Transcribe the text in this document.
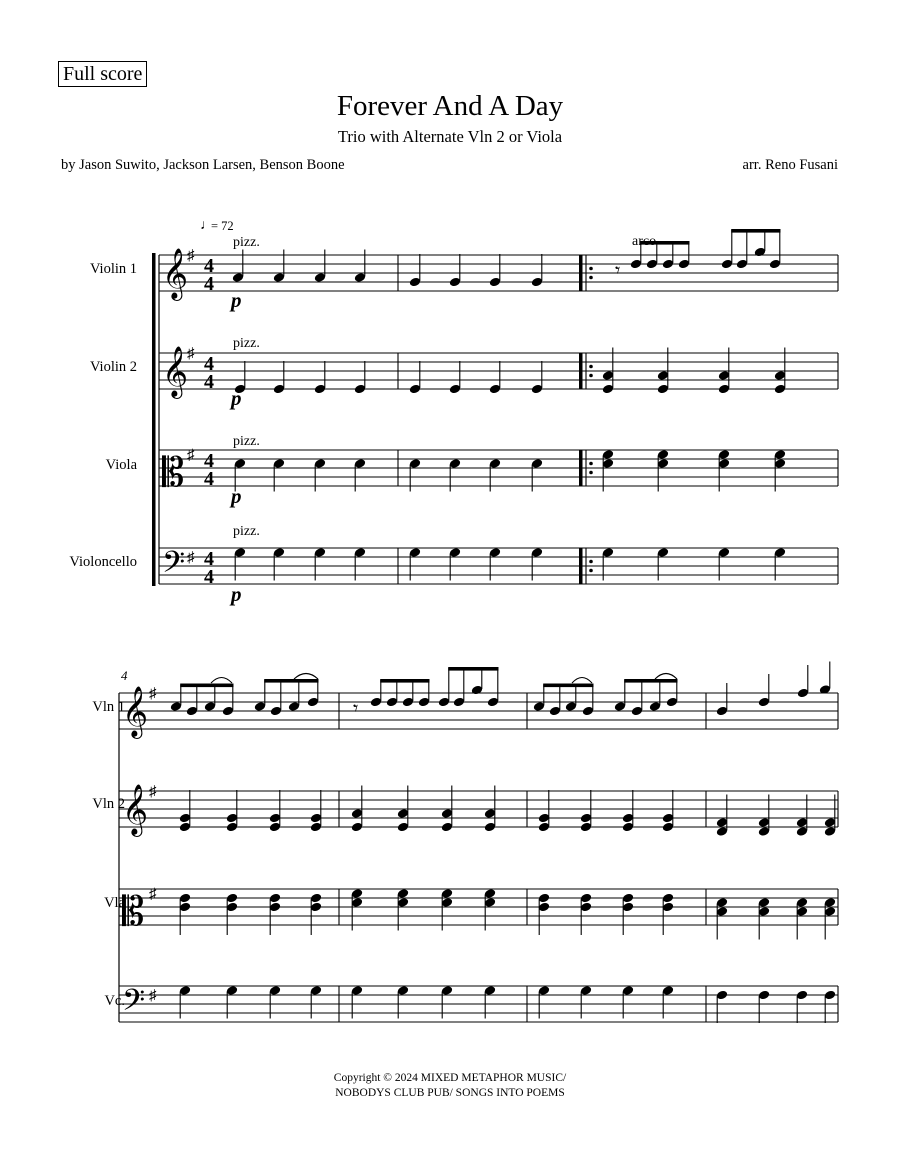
Full score
Forever And A Day
Trio with Alternate Vln 2 or Viola
by Jason Suwito, Jackson Larsen, Benson Boone	arr. Reno Fusani
Copyright © 2024 MIXED METAPHOR MUSIC/
NOBODYS CLUB PUB/ SONGS INTO POEMS
𝄞
♯ 4
4
𝄞
♯ 4
4
𝄡 ♯ 4
4
𝄢 ♯ 4
4
𝄾
𝄞 ♯
𝄞 ♯
𝄡 ♯
𝄢 ♯
𝄾
♩
= 72
Violin 1
Violin 2
Viola
Violoncello
pizz.
pizz.
pizz.
pizz.
arco
p
p
p
p
4
Vln 1
Vln 2
Vla
Vc.
